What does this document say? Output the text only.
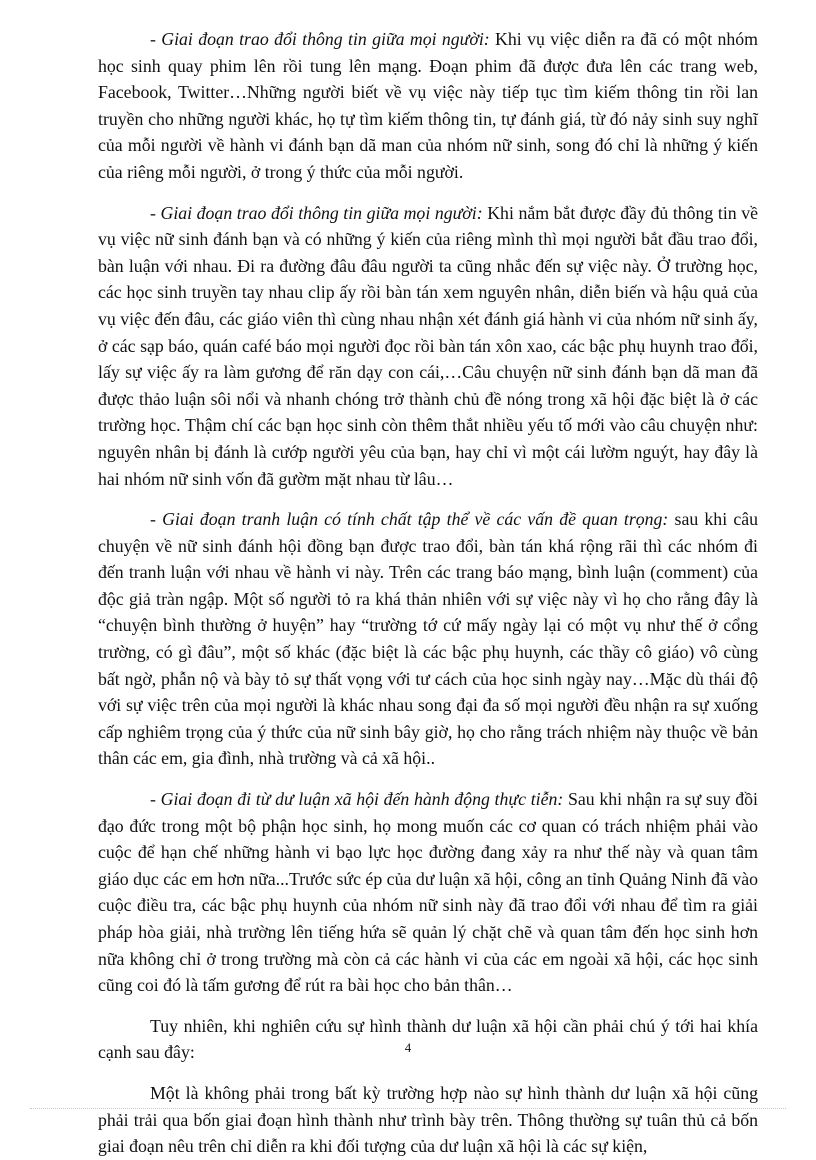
- Giai đoạn trao đổi thông tin giữa mọi người: Khi vụ việc diễn ra đã có một nhóm học sinh quay phim lên rồi tung lên mạng. Đoạn phim đã được đưa lên các trang web, Facebook, Twitter…Những người biết về vụ việc này tiếp tục tìm kiếm thông tin rồi lan truyền cho những người khác, họ tự tìm kiếm thông tin, tự đánh giá, từ đó nảy sinh suy nghĩ của mỗi người về hành vi đánh bạn dã man của nhóm nữ sinh, song đó chỉ là những ý kiến của riêng mỗi người, ở trong ý thức của mỗi người.

- Giai đoạn trao đổi thông tin giữa mọi người: Khi nắm bắt được đầy đủ thông tin về vụ việc nữ sinh đánh bạn và có những ý kiến của riêng mình thì mọi người bắt đầu trao đổi, bàn luận với nhau. Đi ra đường đâu đâu người ta cũng nhắc đến sự việc này. Ở trường học, các học sinh truyền tay nhau clip ấy rồi bàn tán xem nguyên nhân, diễn biến và hậu quả của vụ việc đến đâu, các giáo viên thì cùng nhau nhận xét đánh giá hành vi của nhóm nữ sinh ấy, ở các sạp báo, quán café báo mọi người đọc rồi bàn tán xôn xao, các bậc phụ huynh trao đổi, lấy sự việc ấy ra làm gương để răn dạy con cái,…Câu chuyện nữ sinh đánh bạn dã man đã được thảo luận sôi nổi và nhanh chóng trở thành chủ đề nóng trong xã hội đặc biệt là ở các trường học. Thậm chí các bạn học sinh còn thêm thắt nhiều yếu tố mới vào câu chuyện như: nguyên nhân bị đánh là cướp người yêu của bạn, hay chỉ vì một cái lườm nguýt, hay đây là hai nhóm nữ sinh vốn đã gườm mặt nhau từ lâu…

- Giai đoạn tranh luận có tính chất tập thể về các vấn đề quan trọng: sau khi câu chuyện về nữ sinh đánh hội đồng bạn được trao đổi, bàn tán khá rộng rãi thì các nhóm đi đến tranh luận với nhau về hành vi này. Trên các trang báo mạng, bình luận (comment) của độc giả tràn ngập. Một số người tỏ ra khá thản nhiên với sự việc này vì họ cho rằng đây là “chuyện bình thường ở huyện” hay “trường tớ cứ mấy ngày lại có một vụ như thế ở cổng trường, có gì đâu”, một số khác (đặc biệt là các bậc phụ huynh, các thầy cô giáo) vô cùng bất ngờ, phẫn nộ và bày tỏ sự thất vọng với tư cách của học sinh ngày nay…Mặc dù thái độ với sự việc trên của mọi người là khác nhau song đại đa số mọi người đều nhận ra sự xuống cấp nghiêm trọng của ý thức của nữ sinh bây giờ, họ cho rằng trách nhiệm này thuộc về bản thân các em, gia đình, nhà trường và cả xã hội..

- Giai đoạn đi từ dư luận xã hội đến hành động thực tiễn: Sau khi nhận ra sự suy đồi đạo đức trong một bộ phận học sinh, họ mong muốn các cơ quan có trách nhiệm phải vào cuộc để hạn chế những hành vi bạo lực học đường đang xảy ra như thế này và quan tâm giáo dục các em hơn nữa...Trước sức ép của dư luận xã hội, công an tỉnh Quảng Ninh đã vào cuộc điều tra, các bậc phụ huynh của nhóm nữ sinh này đã trao đổi với nhau để tìm ra giải pháp hòa giải, nhà trường lên tiếng hứa sẽ quản lý chặt chẽ và quan tâm đến học sinh hơn nữa không chỉ ở trong trường mà còn cả các hành vi của các em ngoài xã hội, các học sinh cũng coi đó là tấm gương để rút ra bài học cho bản thân…

Tuy nhiên, khi nghiên cứu sự hình thành dư luận xã hội cần phải chú ý tới hai khía cạnh sau đây:

Một là không phải trong bất kỳ trường hợp nào sự hình thành dư luận xã hội cũng phải trải qua bốn giai đoạn hình thành như trình bày trên. Thông thường sự tuân thủ cả bốn giai đoạn nêu trên chỉ diễn ra khi đối tượng của dư luận xã hội là các sự kiện,

4
